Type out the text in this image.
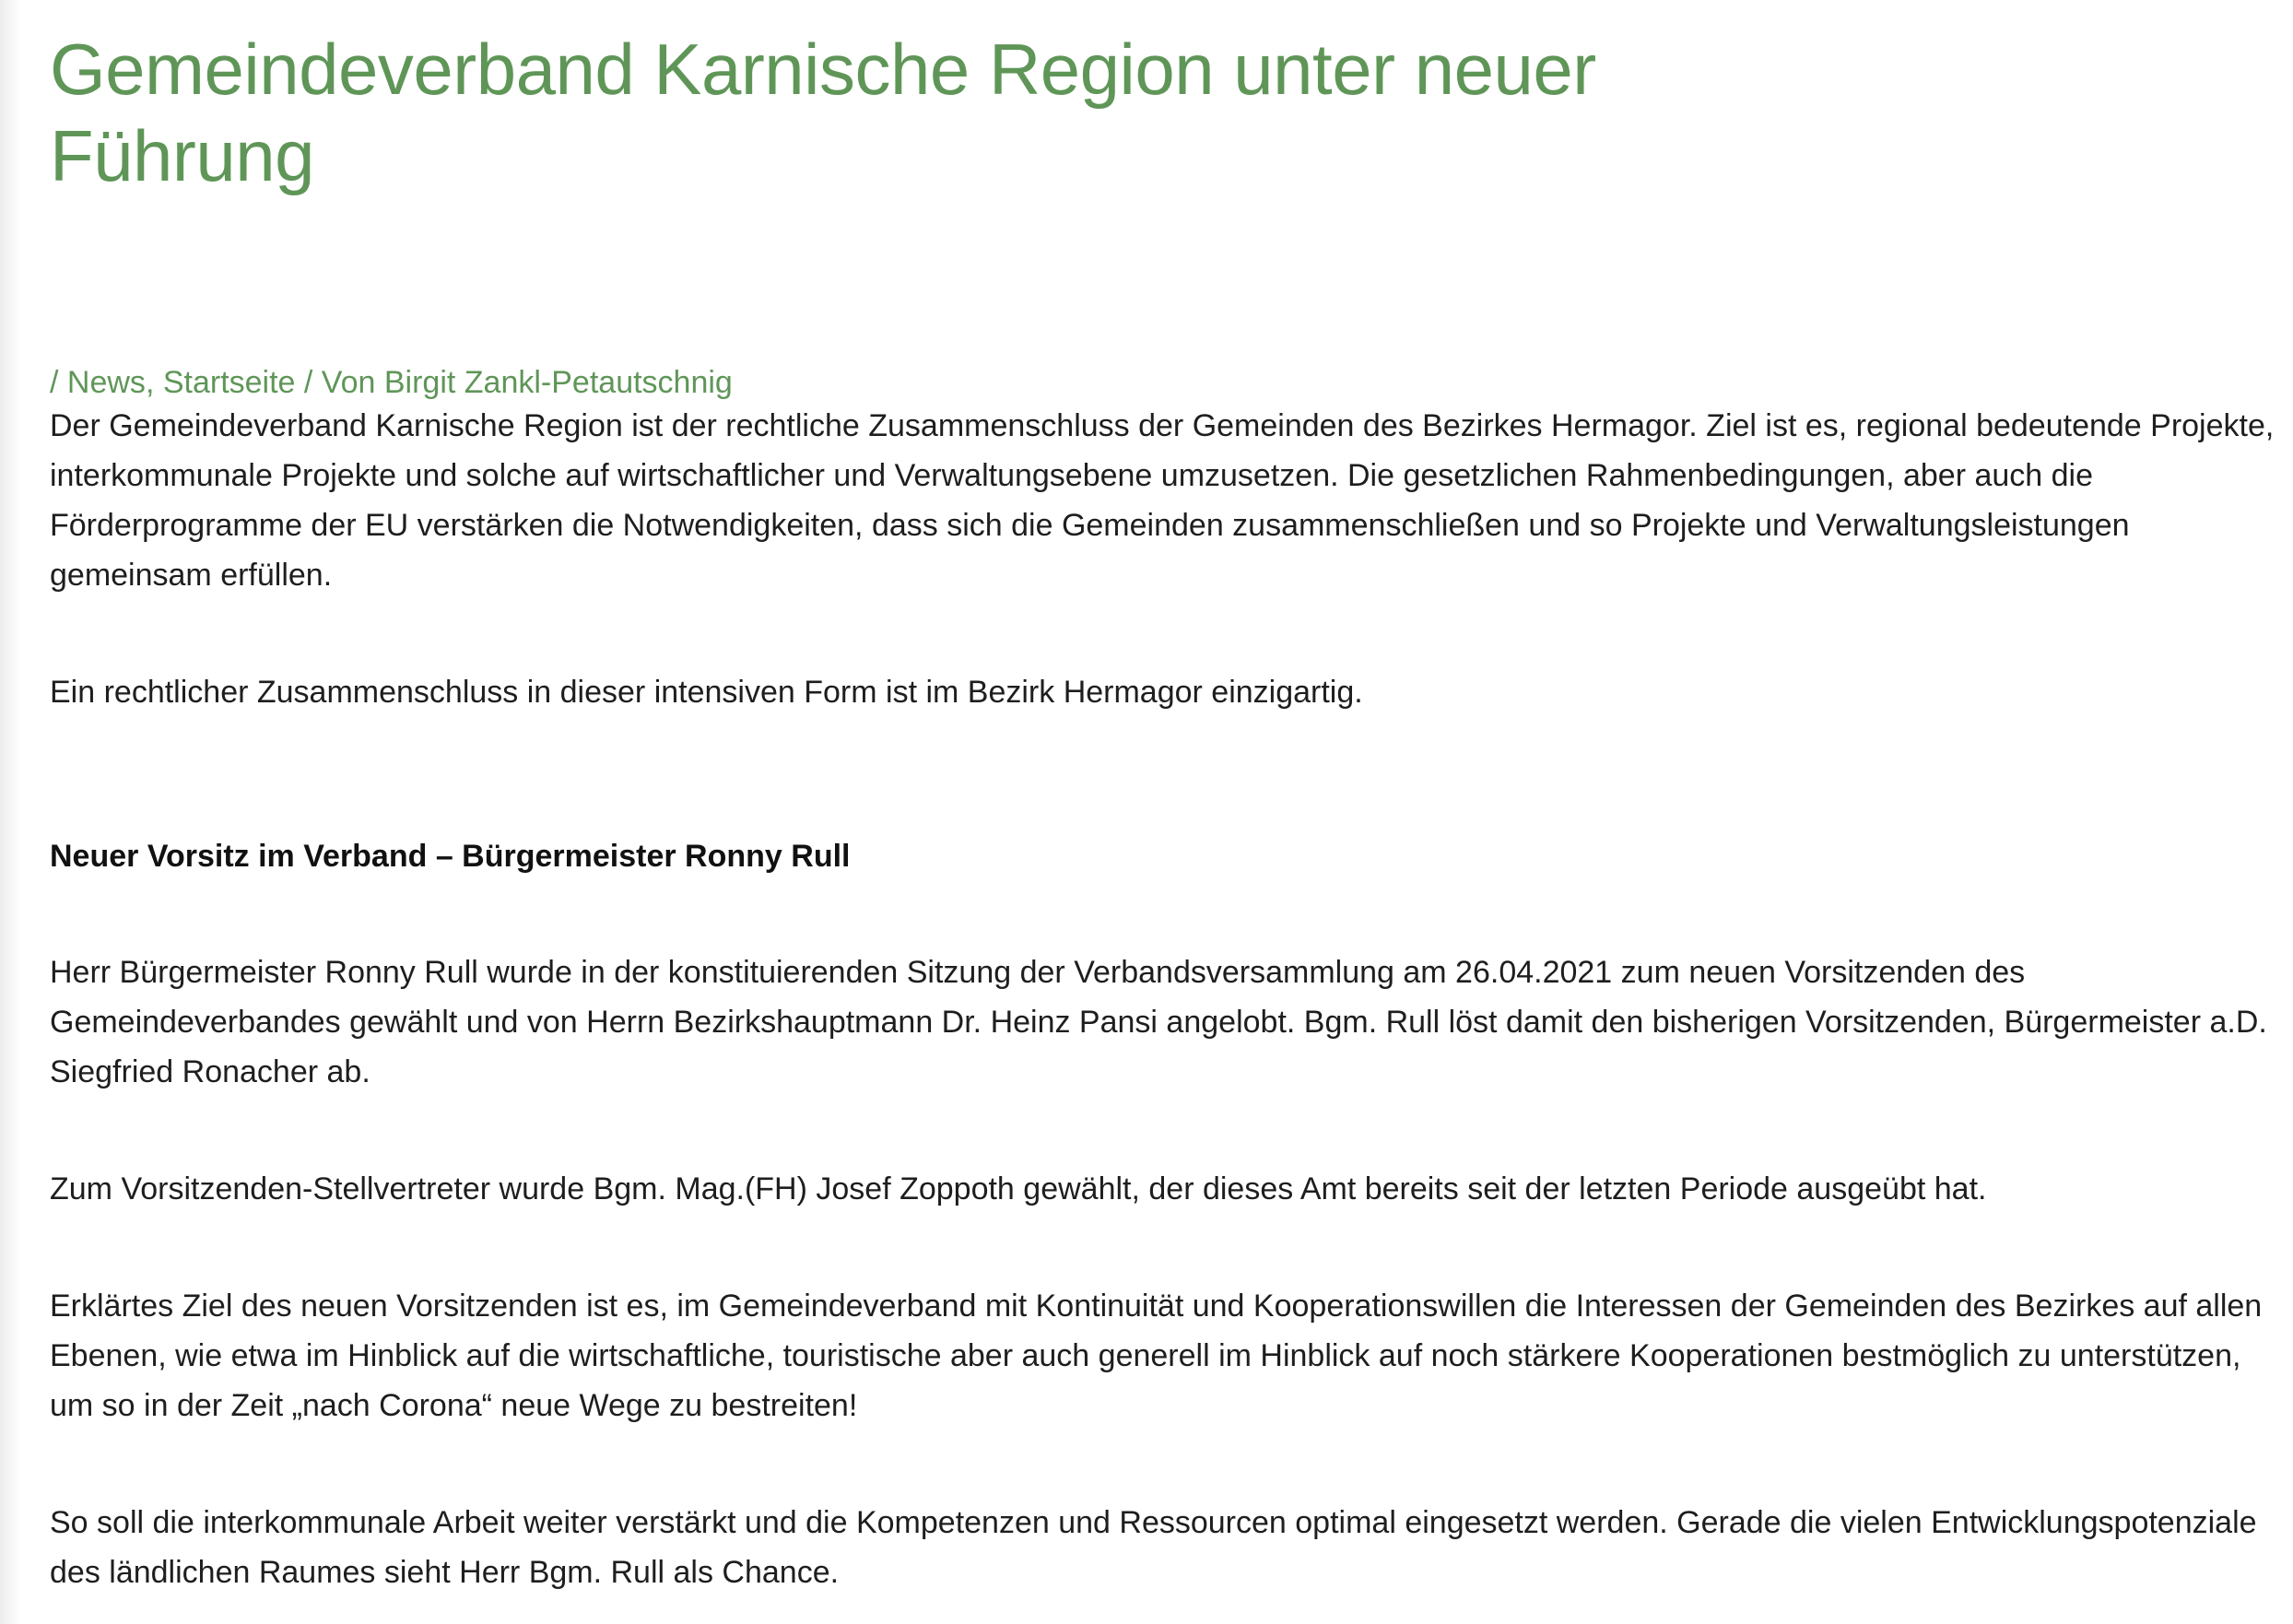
Gemeindeverband Karnische Region unter neuer Führung
/ News, Startseite / Von Birgit Zankl-Petautschnig

Der Gemeindeverband Karnische Region ist der rechtliche Zusammenschluss der Gemeinden des Bezirkes Hermagor. Ziel ist es, regional bedeutende Projekte, interkommunale Projekte und solche auf wirtschaftlicher und Verwaltungsebene umzusetzen. Die gesetzlichen Rahmenbedingungen, aber auch die Förderprogramme der EU verstärken die Notwendigkeiten, dass sich die Gemeinden zusammenschließen und so Projekte und Verwaltungsleistungen gemeinsam erfüllen.

Ein rechtlicher Zusammenschluss in dieser intensiven Form ist im Bezirk Hermagor einzigartig.

Neuer Vorsitz im Verband – Bürgermeister Ronny Rull

Herr Bürgermeister Ronny Rull wurde in der konstituierenden Sitzung der Verbandsversammlung am 26.04.2021 zum neuen Vorsitzenden des Gemeindeverbandes gewählt und von Herrn Bezirkshauptmann Dr. Heinz Pansi angelobt. Bgm. Rull löst damit den bisherigen Vorsitzenden, Bürgermeister a.D. Siegfried Ronacher ab.

Zum Vorsitzenden-Stellvertreter wurde Bgm. Mag.(FH) Josef Zoppoth gewählt, der dieses Amt bereits seit der letzten Periode ausgeübt hat.

Erklärtes Ziel des neuen Vorsitzenden ist es, im Gemeindeverband mit Kontinuität und Kooperationswillen die Interessen der Gemeinden des Bezirkes auf allen Ebenen, wie etwa im Hinblick auf die wirtschaftliche, touristische aber auch generell im Hinblick auf noch stärkere Kooperationen bestmöglich zu unterstützen, um so in der Zeit „nach Corona“ neue Wege zu bestreiten!

So soll die interkommunale Arbeit weiter verstärkt und die Kompetenzen und Ressourcen optimal eingesetzt werden. Gerade die vielen Entwicklungspotenziale des ländlichen Raumes sieht Herr Bgm. Rull als Chance.
